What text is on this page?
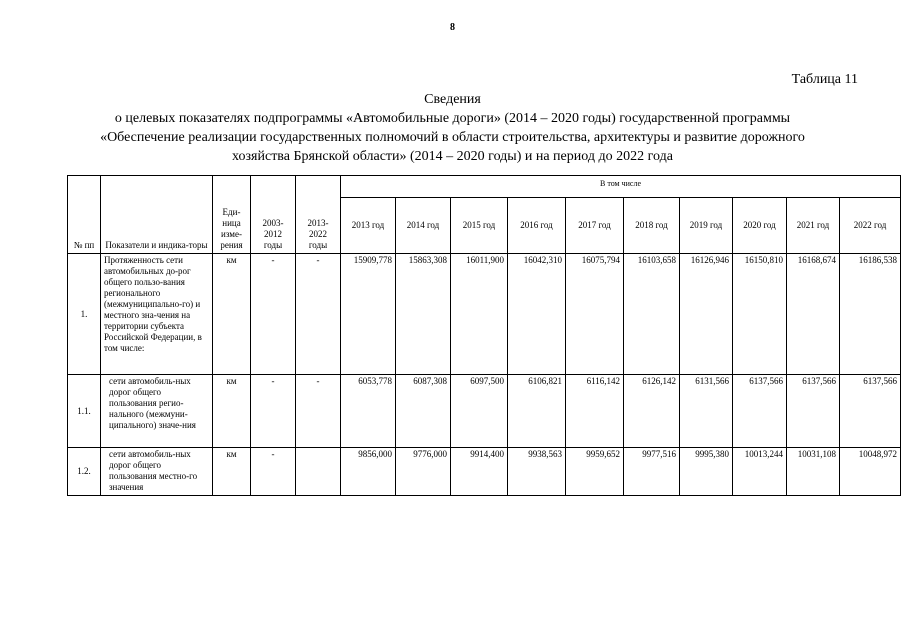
8
Таблица 11
Сведения
о целевых показателях подпрограммы «Автомобильные дороги» (2014 – 2020 годы) государственной программы
«Обеспечение реализации государственных полномочий в области строительства, архитектуры и развитие дорожного
хозяйства Брянской области» (2014 – 2020 годы) и на период до 2022 года
№ пп	Показатели и индика-торы	Еди-ница изме-рения	2003-2012 годы	2013-2022 годы	В том числе									
					2013 год	2014 год	2015 год	2016 год	2017 год	2018 год	2019 год	2020 год	2021 год	2022 год
1.	Протяженность сети автомобильных до-рог общего пользо-вания регионального (межмуниципально-го) и местного зна-чения на территории субъекта Российской Федерации, в том числе:	км	-	-	15909,778	15863,308	16011,900	16042,310	16075,794	16103,658	16126,946	16150,810	16168,674	16186,538
1.1.	сети автомобиль-ных дорог общего пользования регио-нального (межмуни-ципального) значе-ния	км	-	-	6053,778	6087,308	6097,500	6106,821	6116,142	6126,142	6131,566	6137,566	6137,566	6137,566
1.2.	сети автомобиль-ных дорог общего пользования местно-го значения	км	-		9856,000	9776,000	9914,400	9938,563	9959,652	9977,516	9995,380	10013,244	10031,108	10048,972
